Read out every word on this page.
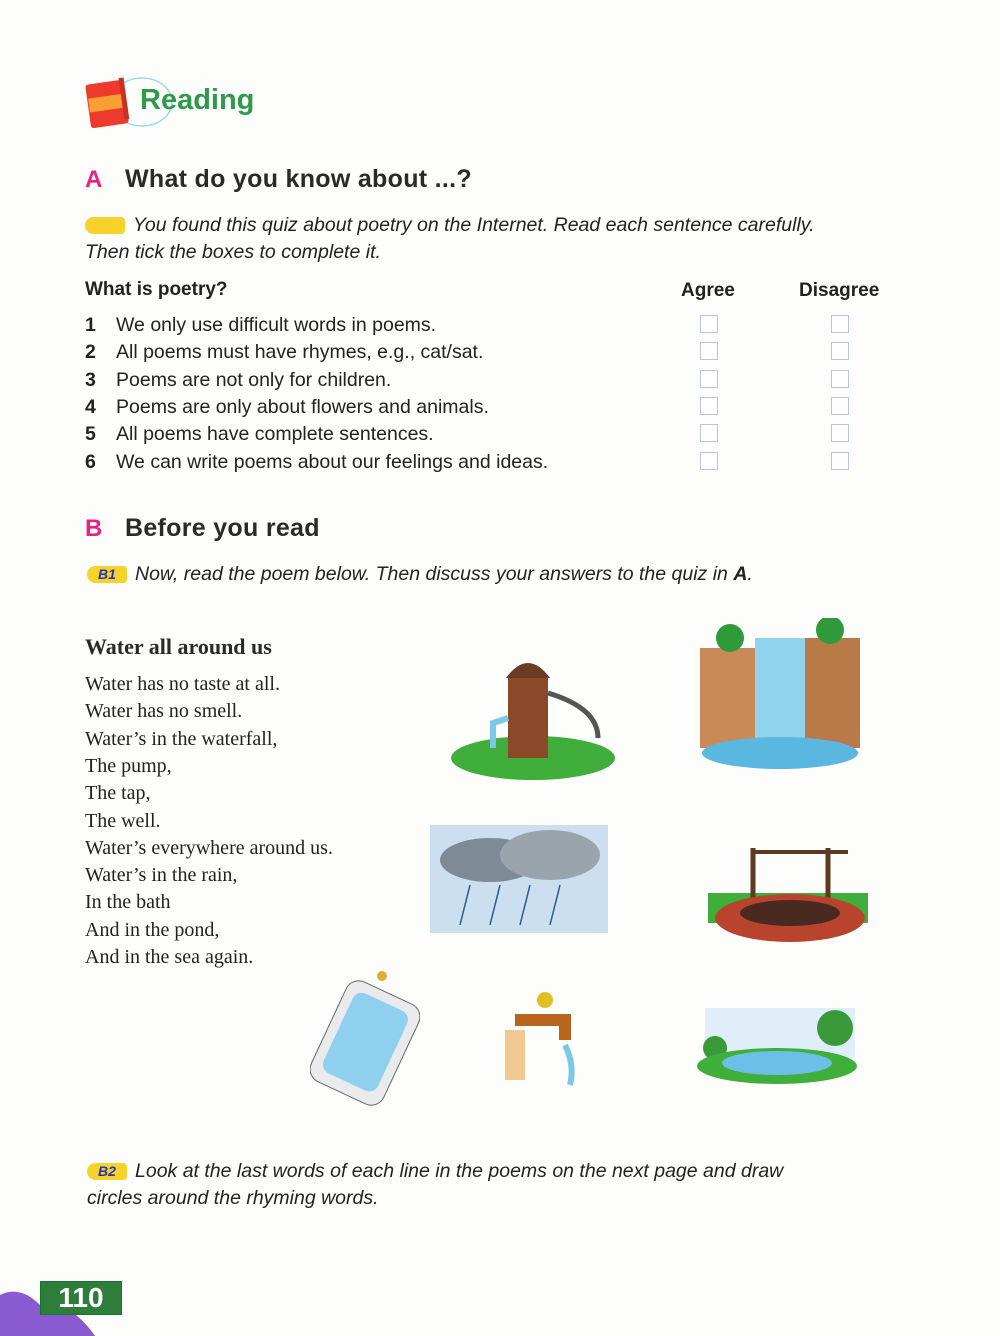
Reading
A What do you know about ...?
You found this quiz about poetry on the Internet. Read each sentence carefully.
Then tick the boxes to complete it.
What is poetry?	Agree	Disagree
1 We only use difficult words in poems.
2 All poems must have rhymes, e.g., cat/sat.
3 Poems are not only for children.
4 Poems are only about flowers and animals.
5 All poems have complete sentences.
6 We can write poems about our feelings and ideas.
B Before you read
B1 Now, read the poem below. Then discuss your answers to the quiz in A.
Water all around us
Water has no taste at all.
Water has no smell.
Water’s in the waterfall,
The pump,
The tap,
The well.
Water’s everywhere around us.
Water’s in the rain,
In the bath
And in the pond,
And in the sea again.
B2 Look at the last words of each line in the poems on the next page and draw
circles around the rhyming words.
110
